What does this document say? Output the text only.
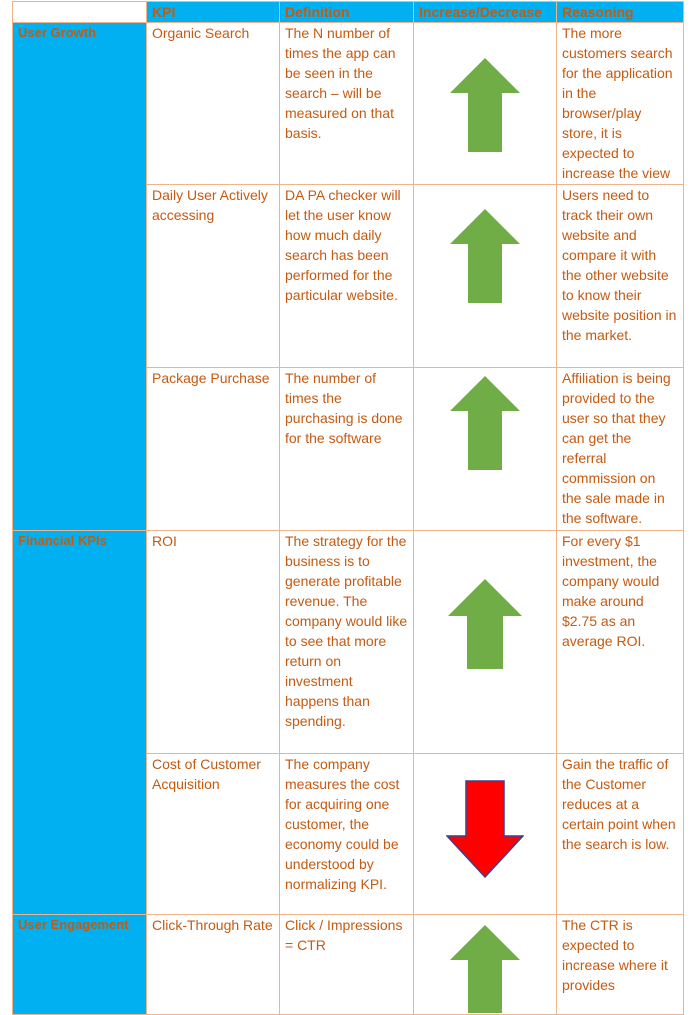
	KPI	Definition	Increase/Decrease	Reasoning
User Growth	Organic Search	The N number of times the app can be seen in the search – will be measured on that basis.		The more customers search for the application in the browser/play store, it is expected to increase the view
	Daily User Actively accessing	DA PA checker will let the user know how much daily search has been performed for the particular website.		Users need to track their own website and compare it with the other website to know their website position in the market.
	Package Purchase	The number of times the purchasing is done for the software		Affiliation is being provided to the user so that they can get the referral commission on the sale made in the software.
Financial KPIs	ROI	The strategy for the business is to generate profitable revenue. The company would like to see that more return on investment happens than spending.		For every $1 investment, the company would make around $2.75 as an average ROI.
	Cost of Customer Acquisition	The company measures the cost for acquiring one customer, the economy could be understood by normalizing KPI.		Gain the traffic of the Customer reduces at a certain point when the search is low.
User Engagement	Click-Through Rate	Click / Impressions = CTR		The CTR is expected to increase where it provides
